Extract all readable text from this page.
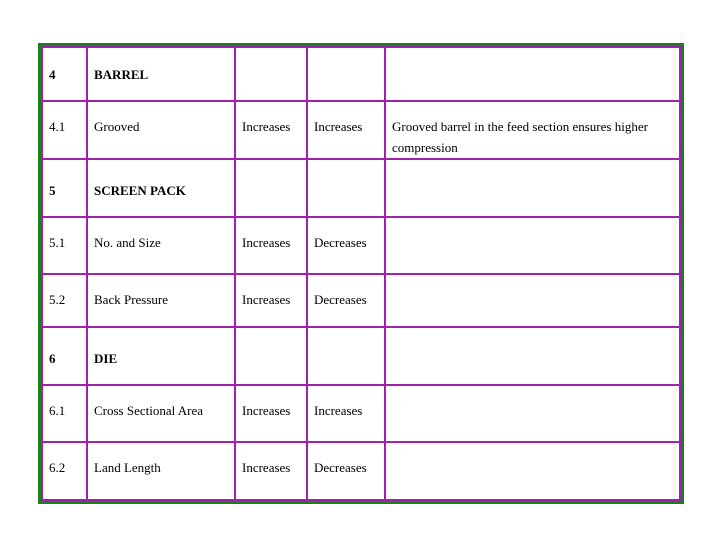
4	BARREL			
4.1	Grooved	Increases	Increases	Grooved barrel in the feed section ensures higher compression
5	SCREEN PACK			
5.1	No. and Size	Increases	Decreases	
5.2	Back Pressure	Increases	Decreases	
6	DIE			
6.1	Cross Sectional Area	Increases	Increases	
6.2	Land Length	Increases	Decreases	
